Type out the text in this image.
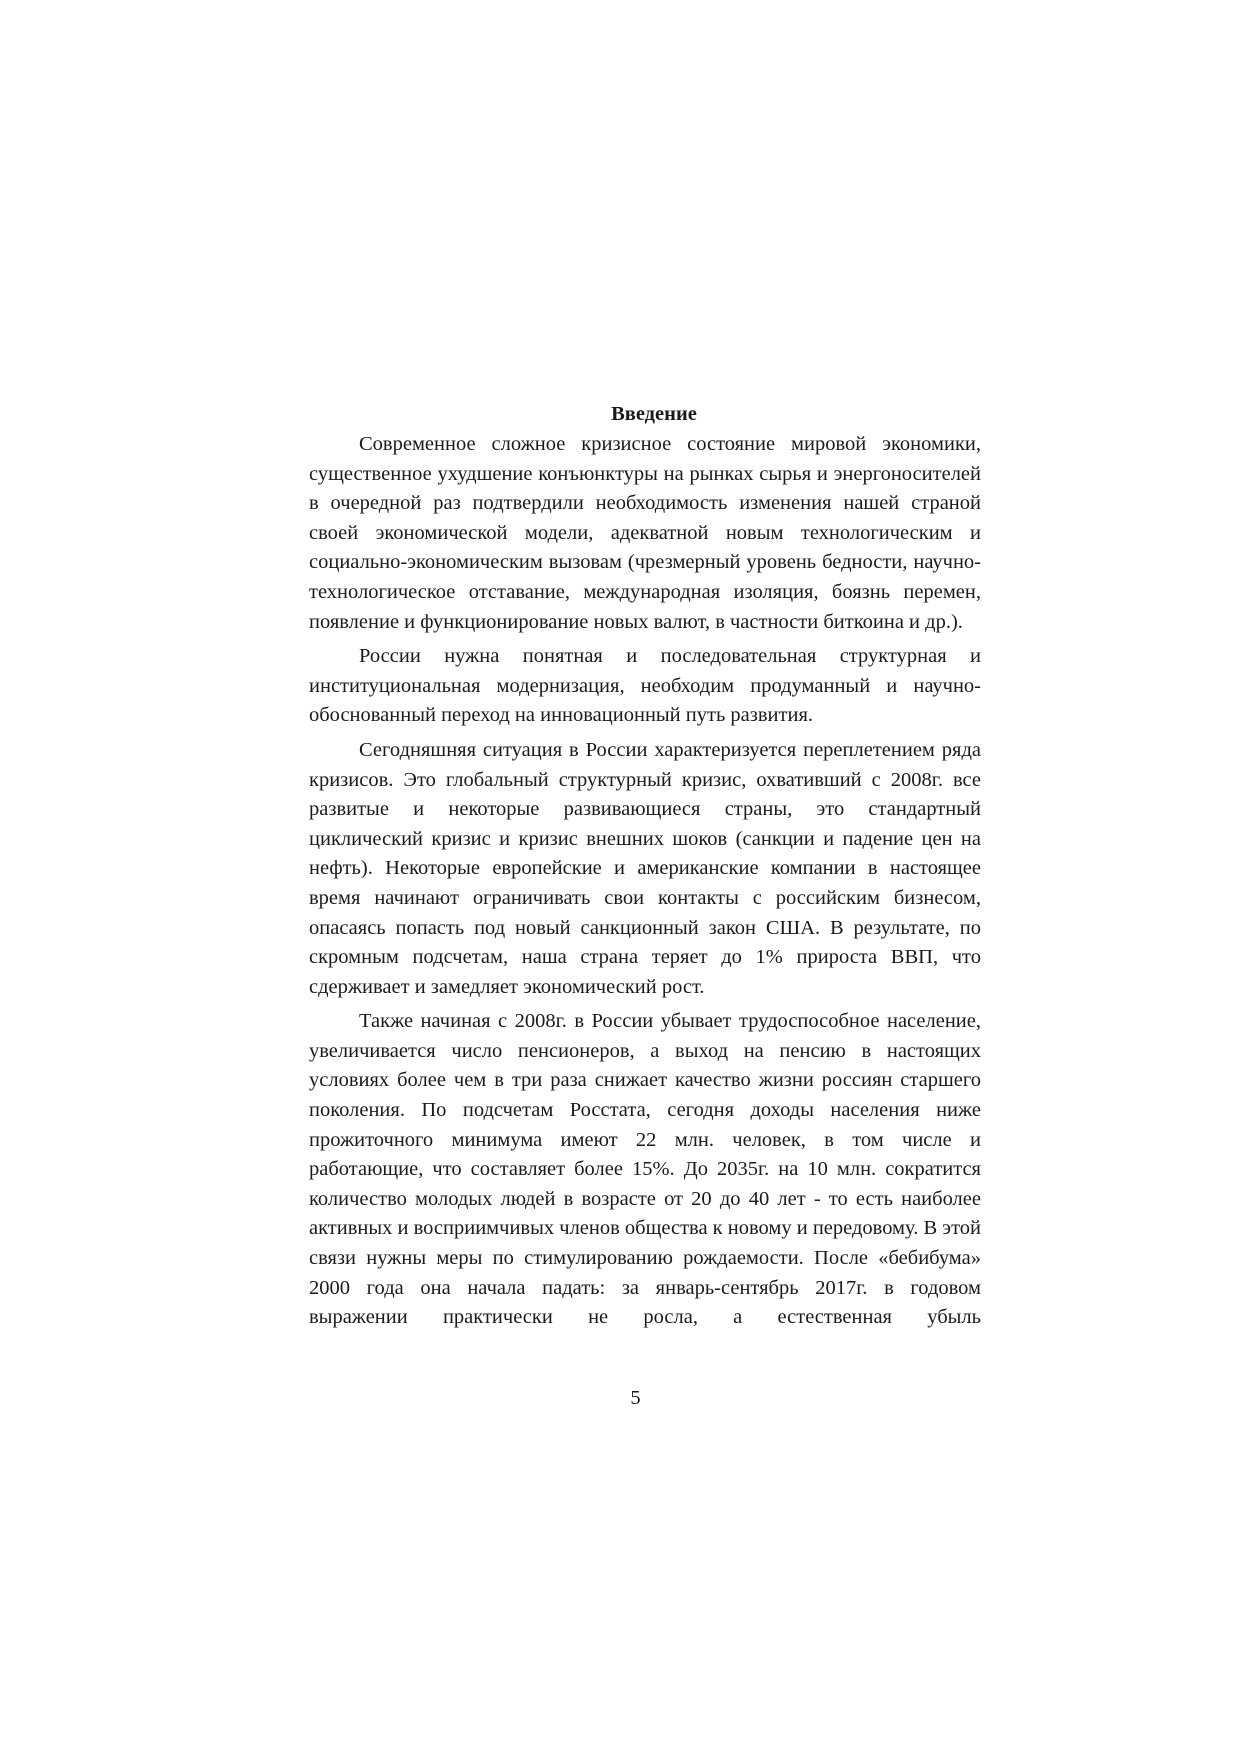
Введение

Современное сложное кризисное состояние мировой экономики, существенное ухудшение конъюнктуры на рынках сырья и энергоносителей в очередной раз подтвердили необходимость изменения нашей страной своей экономической модели, адекватной новым технологическим и социально-экономическим вызовам (чрезмерный уровень бедности, научно-технологическое отставание, международная изоляция, боязнь перемен, появление и функционирование новых валют, в частности биткоина и др.).

России нужна понятная и последовательная структурная и институциональная модернизация, необходим продуманный и научно-обоснованный переход на инновационный путь развития.

Сегодняшняя ситуация в России характеризуется переплетением ряда кризисов. Это глобальный структурный кризис, охвативший с 2008г. все развитые и некоторые развивающиеся страны, это стандартный циклический кризис и кризис внешних шоков (санкции и падение цен на нефть). Некоторые европейские и американские компании в настоящее время начинают ограничивать свои контакты с российским бизнесом, опасаясь попасть под новый санкционный закон США. В результате, по скромным подсчетам, наша страна теряет до 1% прироста ВВП, что сдерживает и замедляет экономический рост.

Также начиная с 2008г. в России убывает трудоспособное население, увеличивается число пенсионеров, а выход на пенсию в настоящих условиях более чем в три раза снижает качество жизни россиян старшего поколения. По подсчетам Росстата, сегодня доходы населения ниже прожиточного минимума имеют 22 млн. человек, в том числе и работающие, что составляет более 15%. До 2035г. на 10 млн. сократится количество молодых людей в возрасте от 20 до 40 лет - то есть наиболее активных и восприимчивых членов общества к новому и передовому. В этой связи нужны меры по стимулированию рождаемости. После «бебибума» 2000 года она начала падать: за январь-сентябрь 2017г. в годовом выражении практически не росла, а естественная убыль

5
